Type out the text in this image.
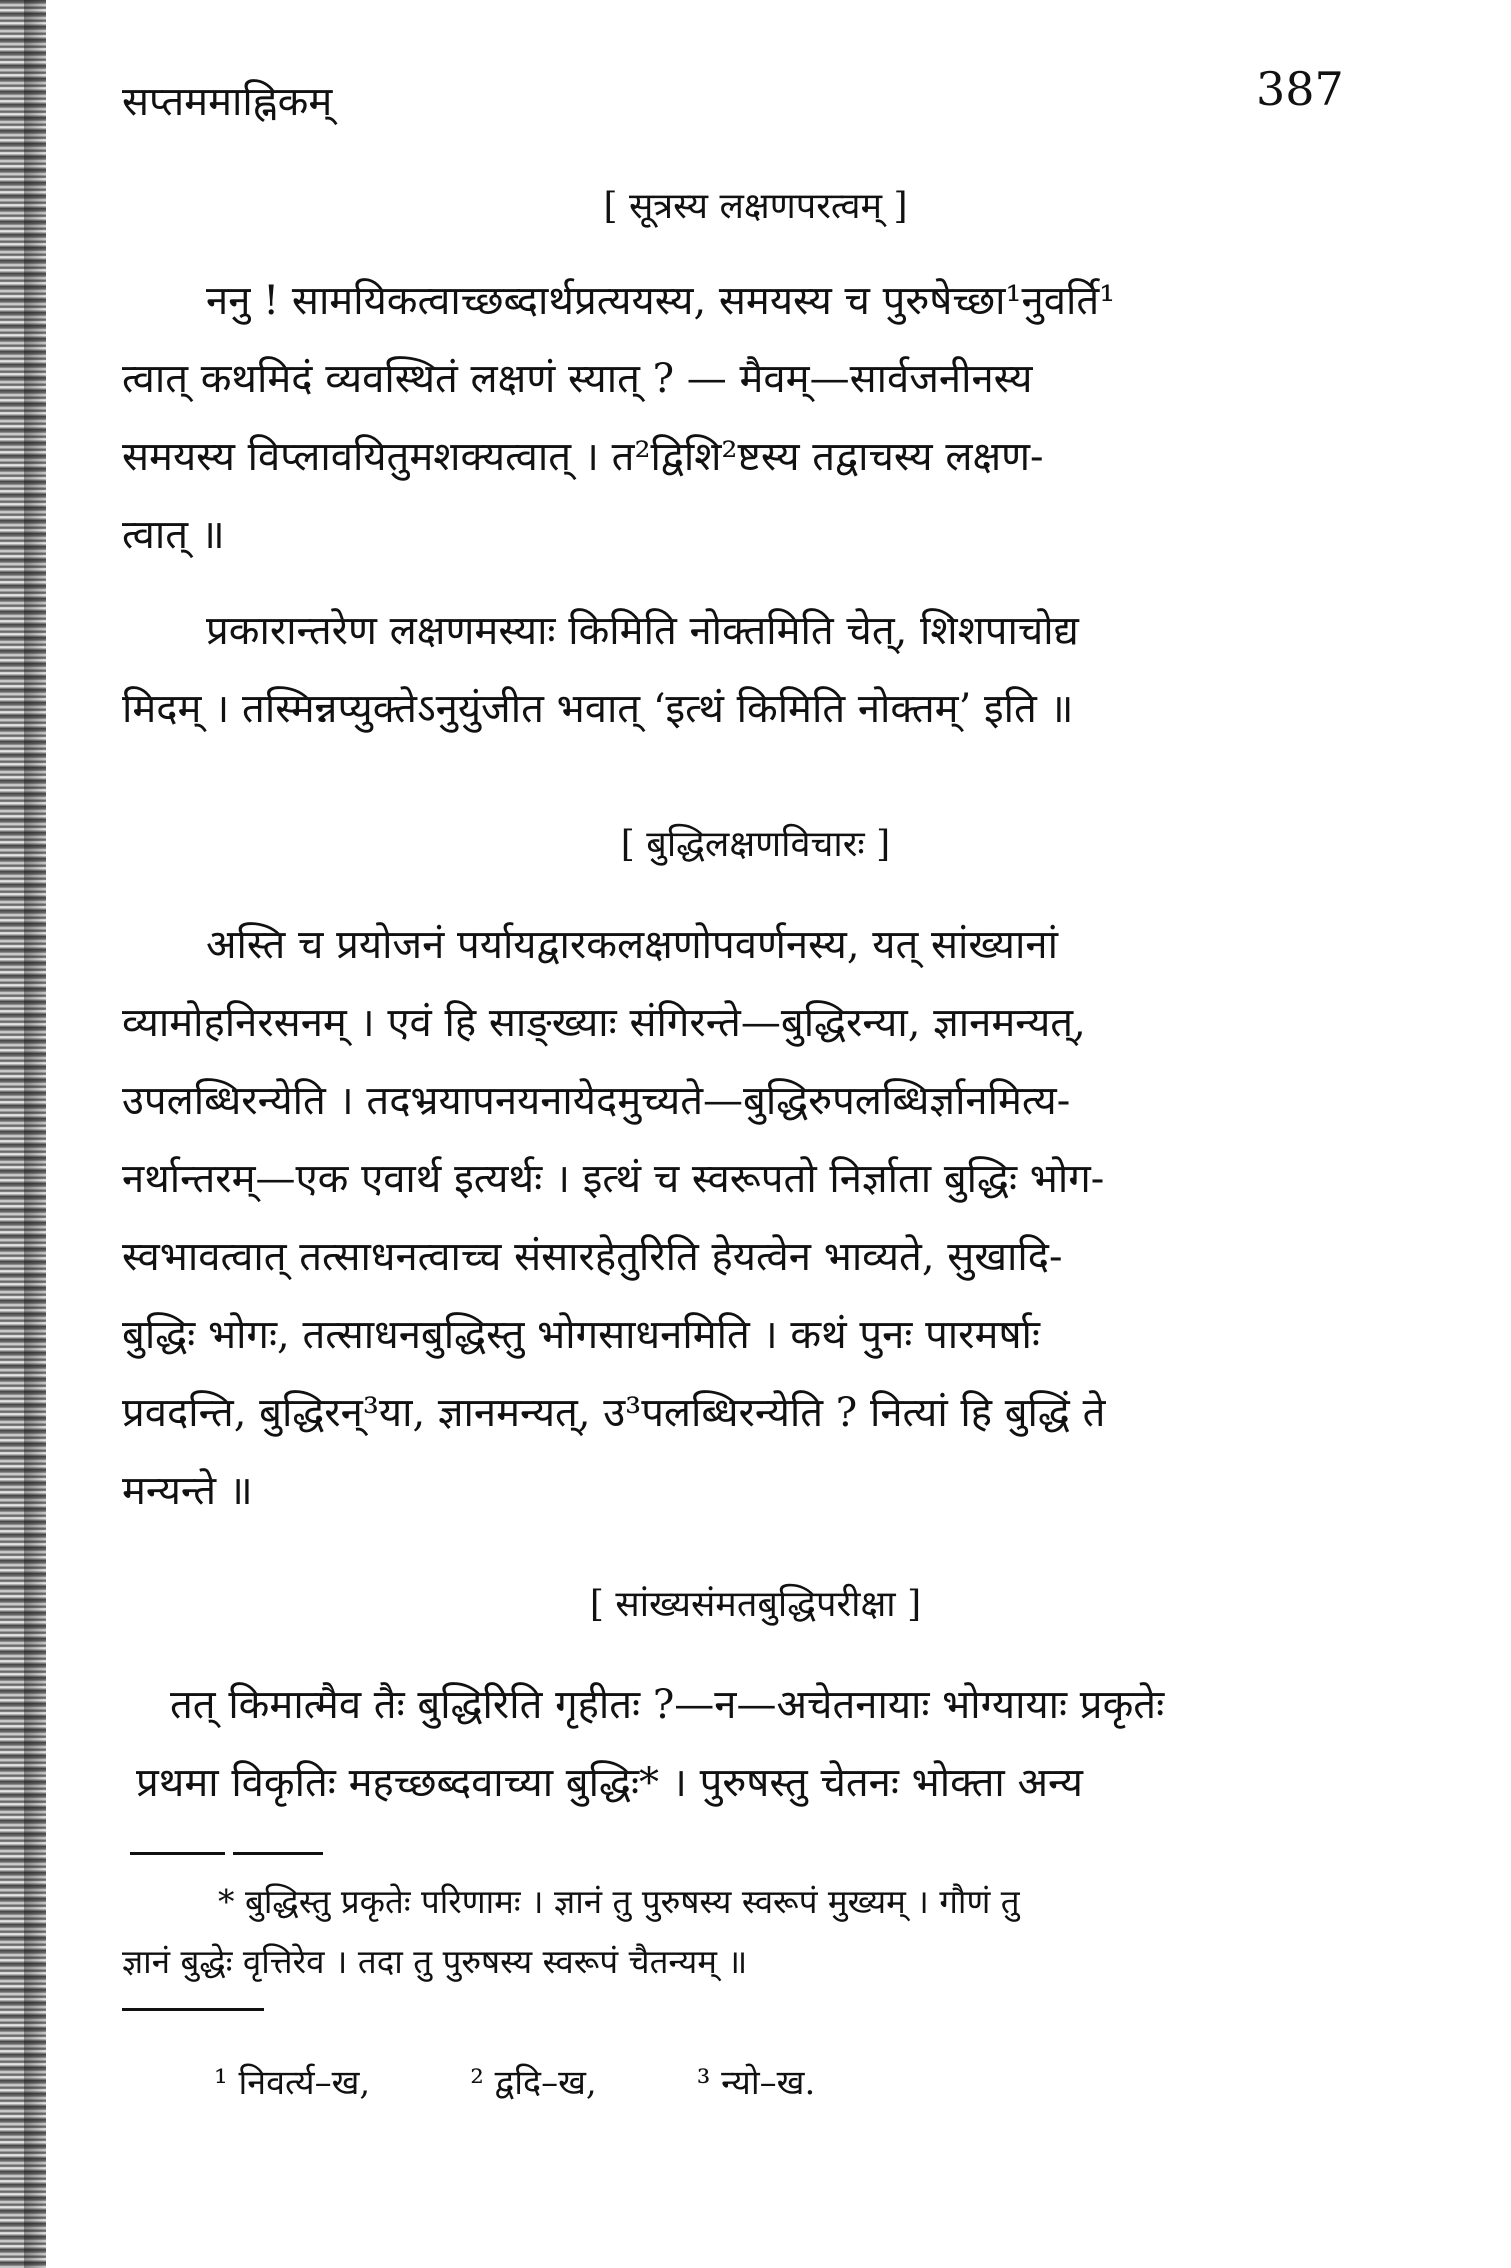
सप्तममाह्निकम्	387
[ सूत्रस्य लक्षणपरत्वम् ]
ननु ! सामयिकत्वाच्छब्दार्थप्रत्ययस्य, समयस्य च पुरुषेच्छा¹नुवर्ति¹
त्वात् कथमिदं व्यवस्थितं लक्षणं स्यात् ? — मैवम्—सार्वजनीनस्य
समयस्य विप्लावयितुमशक्यत्वात् । त²द्विशि²ष्टस्य तद्वाचस्य लक्षण-
त्वात् ॥
प्रकारान्तरेण लक्षणमस्याः किमिति नोक्तमिति चेत्, शिशपाचोद्य
मिदम् । तस्मिन्नप्युक्तेऽनुयुंजीत भवात् ‘इत्थं किमिति नोक्तम्’ इति ॥
[ बुद्धिलक्षणविचारः ]
अस्ति च प्रयोजनं पर्यायद्वारकलक्षणोपवर्णनस्य, यत् सांख्यानां
व्यामोहनिरसनम् । एवं हि साङ्ख्याः संगिरन्ते—बुद्धिरन्या, ज्ञानमन्यत्,
उपलब्धिरन्येति । तदभ्रयापनयनायेदमुच्यते—बुद्धिरुपलब्धिर्ज्ञानमित्य-
नर्थान्तरम्—एक एवार्थ इत्यर्थः । इत्थं च स्वरूपतो निर्ज्ञाता बुद्धिः भोग-
स्वभावत्वात् तत्साधनत्वाच्च संसारहेतुरिति हेयत्वेन भाव्यते, सुखादि-
बुद्धिः भोगः, तत्साधनबुद्धिस्तु भोगसाधनमिति । कथं पुनः पारमर्षाः
प्रवदन्ति, बुद्धिरन्³या, ज्ञानमन्यत्, उ³पलब्धिरन्येति ? नित्यां हि बुद्धिं ते
मन्यन्ते ॥
[ सांख्यसंमतबुद्धिपरीक्षा ]
तत् किमात्मैव तैः बुद्धिरिति गृहीतः ?—न—अचेतनायाः भोग्यायाः प्रकृतेः
प्रथमा विकृतिः महच्छब्दवाच्या बुद्धिः* । पुरुषस्तु चेतनः भोक्ता अन्य
* बुद्धिस्तु प्रकृतेः परिणामः । ज्ञानं तु पुरुषस्य स्वरूपं मुख्यम् । गौणं तु
ज्ञानं बुद्धेः वृत्तिरेव । तदा तु पुरुषस्य स्वरूपं चैतन्यम् ॥
¹ निवर्त्य–ख,	² द्वदि–ख,	³ न्यो–ख.
